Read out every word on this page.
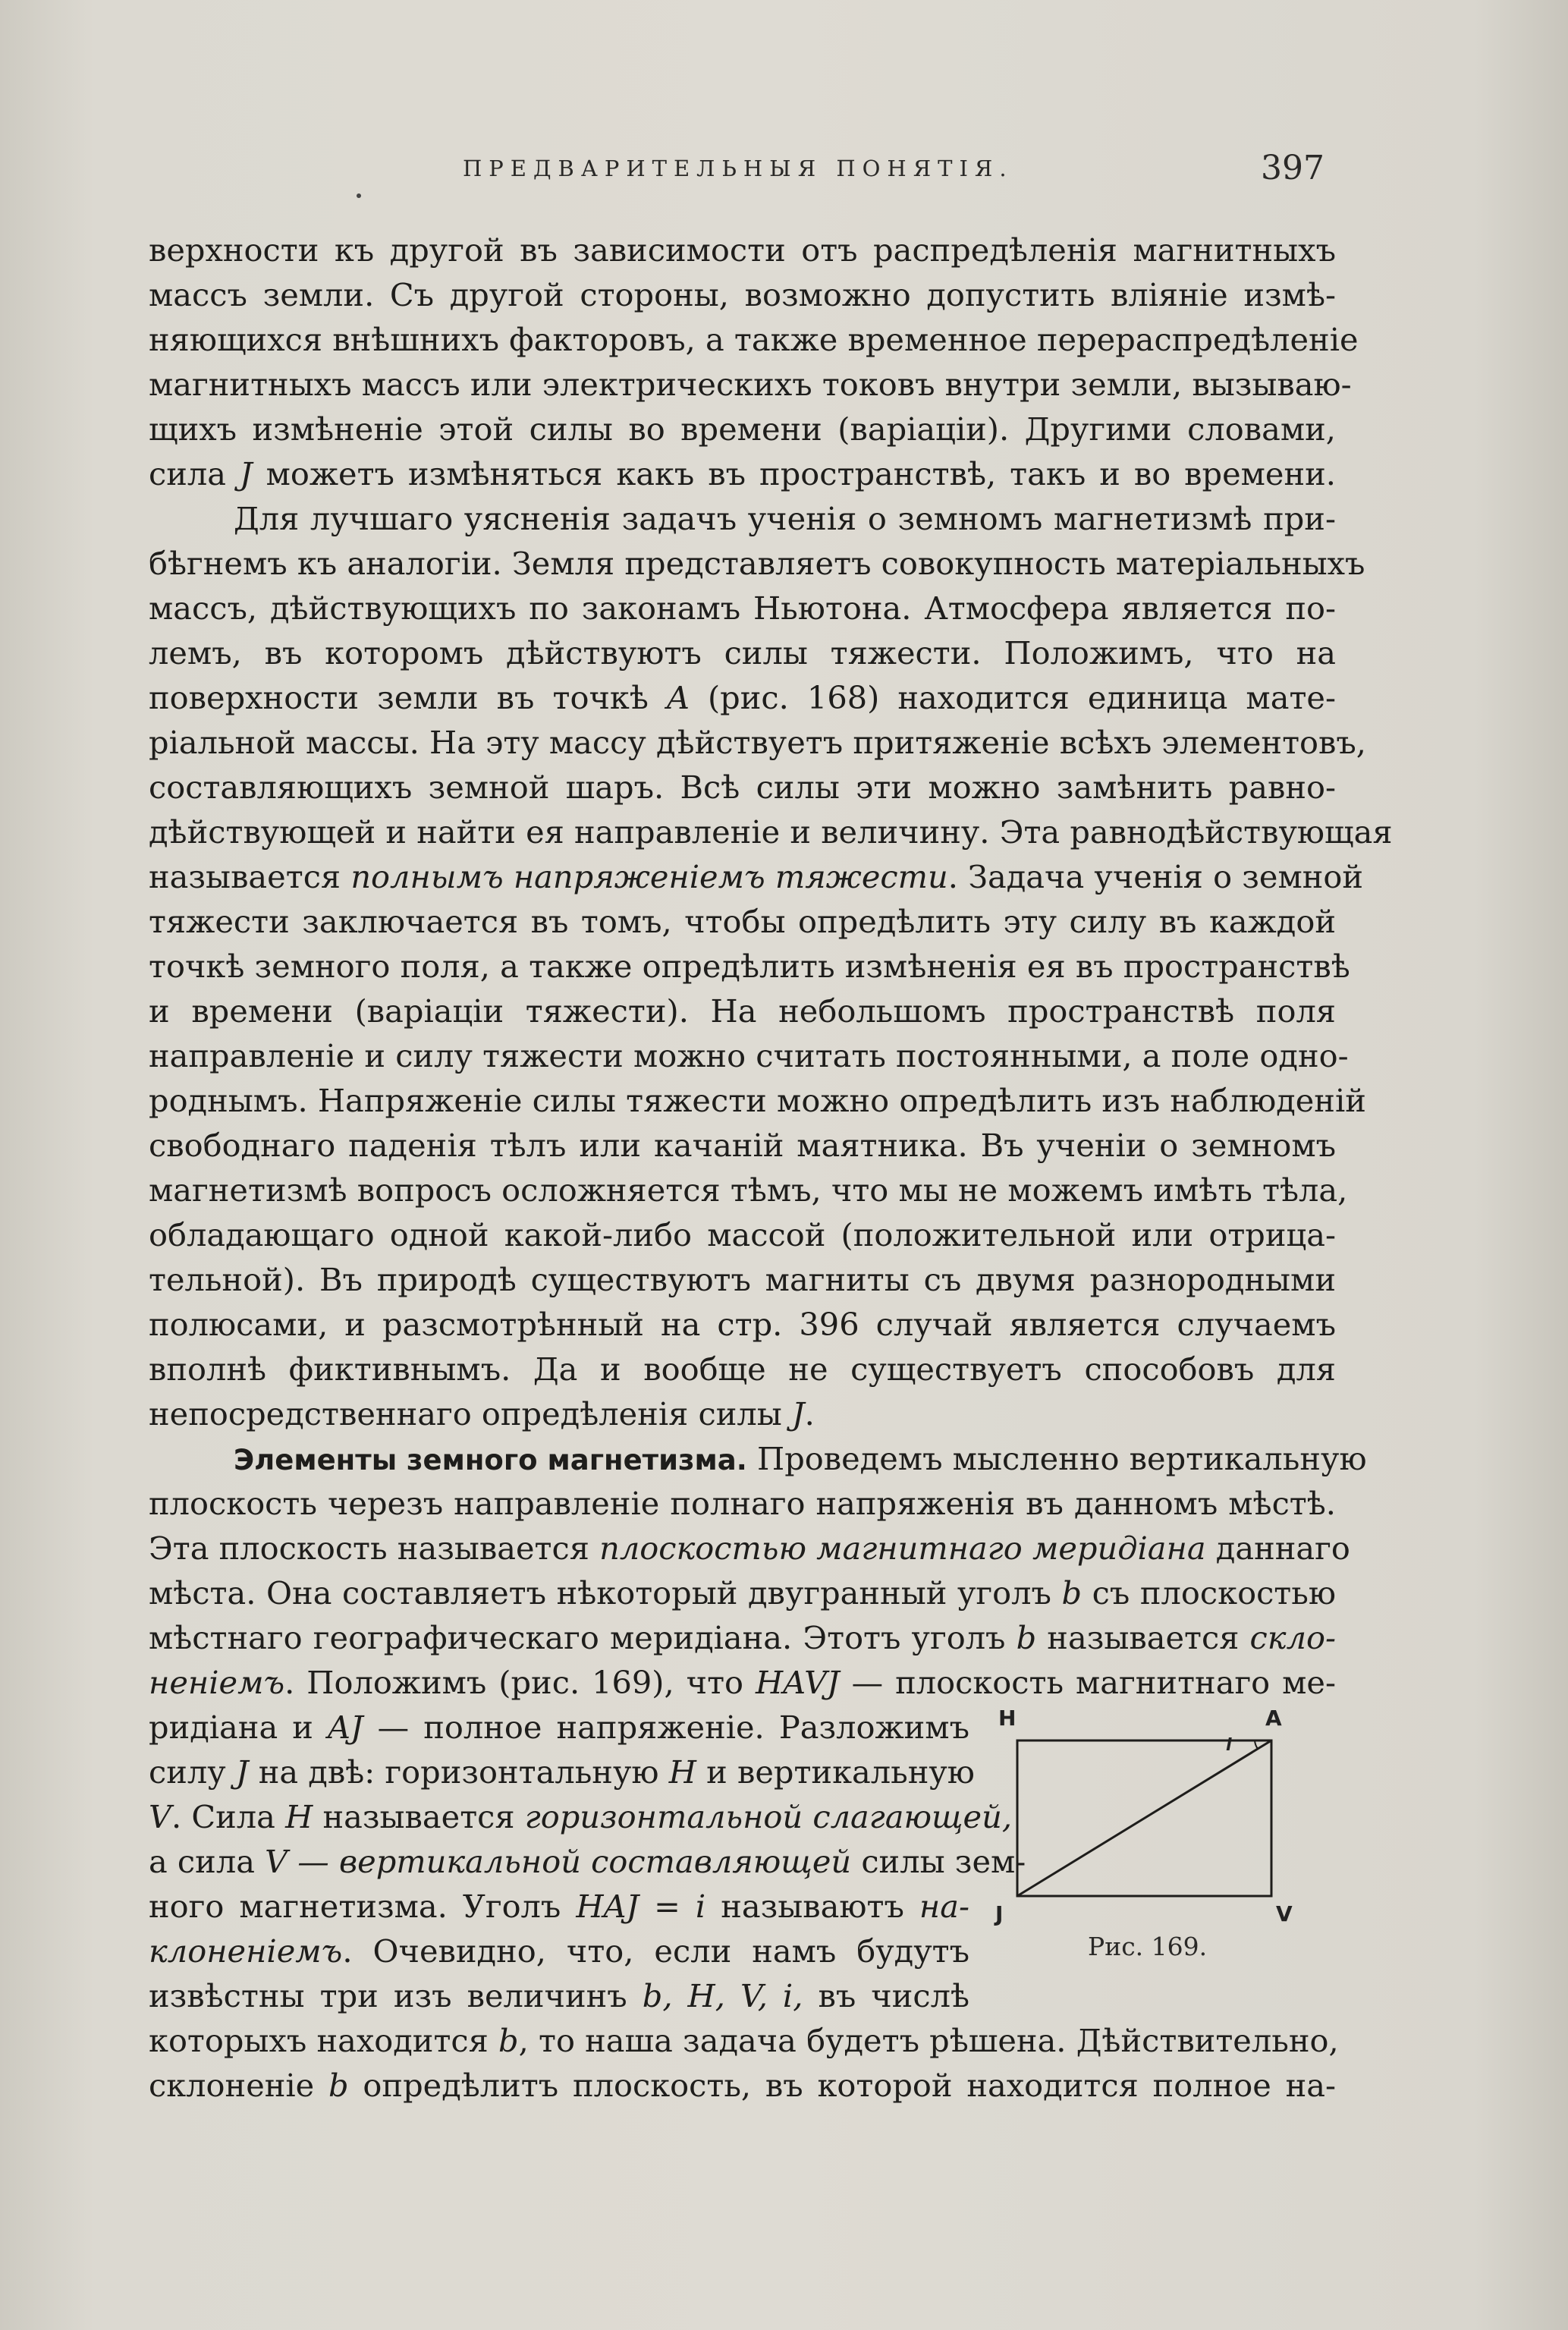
ПРЕДВАРИТЕЛЬНЫЯ ПОНЯТІЯ.	397
верхности къ другой въ зависимости отъ распредѣленія магнитныхъ
массъ земли. Съ другой стороны, возможно допустить вліяніе измѣ-
няющихся внѣшнихъ факторовъ, а также временное перераспредѣленіе
магнитныхъ массъ или электрическихъ токовъ внутри земли, вызываю-
щихъ измѣненіе этой силы во времени (варіаціи). Другими словами,
сила J можетъ измѣняться какъ въ пространствѣ, такъ и во времени.
Для лучшаго уясненія задачъ ученія о земномъ магнетизмѣ при-
бѣгнемъ къ аналогіи. Земля представляетъ совокупность матеріальныхъ
массъ, дѣйствующихъ по законамъ Ньютона. Атмосфера является по-
лемъ, въ которомъ дѣйствуютъ силы тяжести. Положимъ, что на
поверхности земли въ точкѣ A (рис. 168) находится единица мате-
ріальной массы. На эту массу дѣйствуетъ притяженіе всѣхъ элементовъ,
составляющихъ земной шаръ. Всѣ силы эти можно замѣнить равно-
дѣйствующей и найти ея направленіе и величину. Эта равнодѣйствующая
называется полнымъ напряженіемъ тяжести. Задача ученія о земной
тяжести заключается въ томъ, чтобы опредѣлить эту силу въ каждой
точкѣ земного поля, а также опредѣлить измѣненія ея въ пространствѣ
и времени (варіаціи тяжести). На небольшомъ пространствѣ поля
направленіе и силу тяжести можно считать постоянными, а поле одно-
роднымъ. Напряженіе силы тяжести можно опредѣлить изъ наблюденій
свободнаго паденія тѣлъ или качаній маятника. Въ ученіи о земномъ
магнетизмѣ вопросъ осложняется тѣмъ, что мы не можемъ имѣть тѣла,
обладающаго одной какой-либо массой (положительной или отрица-
тельной). Въ природѣ существуютъ магниты съ двумя разнородными
полюсами, и разсмотрѣнный на стр. 396 случай является случаемъ
вполнѣ фиктивнымъ. Да и вообще не существуетъ способовъ для
непосредственнаго опредѣленія силы J.
Элементы земного магнетизма. Проведемъ мысленно вертикальную
плоскость черезъ направленіе полнаго напряженія въ данномъ мѣстѣ.
Эта плоскость называется плоскостью магнитнаго меридіана даннаго
мѣста. Она составляетъ нѣкоторый двугранный уголъ b съ плоскостью
мѣстнаго географическаго меридіана. Этотъ уголъ b называется скло-
неніемъ. Положимъ (рис. 169), что HAVJ — плоскость магнитнаго ме-
ридіана и AJ — полное напряженіе. Разложимъ
силу J на двѣ: горизонтальную H и вертикальную
V. Сила H называется горизонтальной слагающей,
а сила V — вертикальной составляющей силы зем-
ного магнетизма. Уголъ HAJ = i называютъ на-
клоненіемъ. Очевидно, что, если намъ будутъ
извѣстны три изъ величинъ b, H, V, i, въ числѣ
которыхъ находится b, то наша задача будетъ рѣшена. Дѣйствительно,
склоненіе b опредѣлитъ плоскость, въ которой находится полное на-
H	A
J	V
i
Рис. 169.
